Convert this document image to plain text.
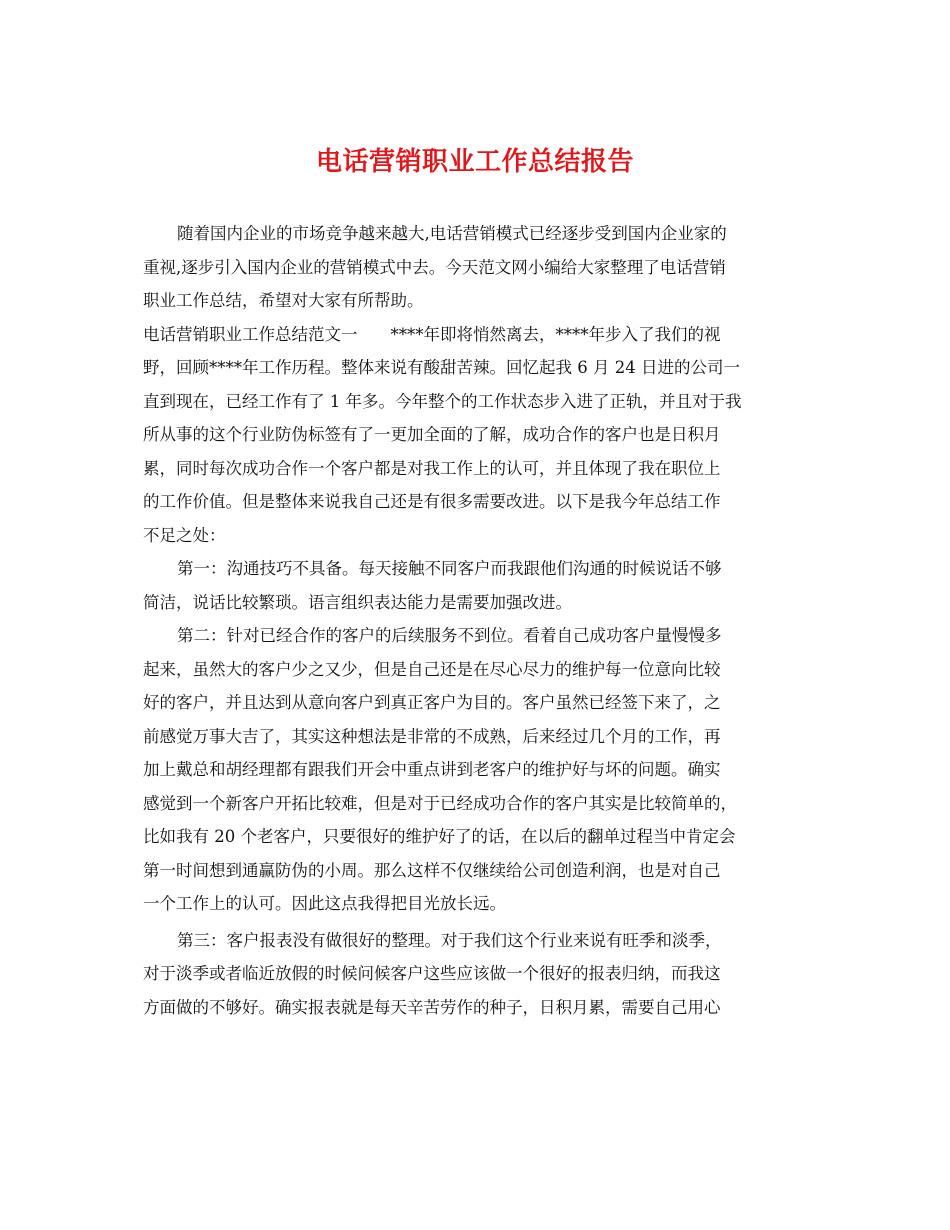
电话营销职业工作总结报告
随着国内企业的市场竞争越来越大,电话营销模式已经逐步受到国内企业家的
重视,逐步引入国内企业的营销模式中去。今天范文网小编给大家整理了电话营销
职业工作总结，希望对大家有所帮助。
电话营销职业工作总结范文一　　****年即将悄然离去，****年步入了我们的视
野，回顾****年工作历程。整体来说有酸甜苦辣。回忆起我 6 月 24 日进的公司一
直到现在，已经工作有了 1 年多。今年整个的工作状态步入进了正轨，并且对于我
所从事的这个行业防伪标签有了一更加全面的了解，成功合作的客户也是日积月
累，同时每次成功合作一个客户都是对我工作上的认可，并且体现了我在职位上
的工作价值。但是整体来说我自己还是有很多需要改进。以下是我今年总结工作
不足之处：
第一：沟通技巧不具备。每天接触不同客户而我跟他们沟通的时候说话不够
简洁，说话比较繁琐。语言组织表达能力是需要加强改进。
第二：针对已经合作的客户的后续服务不到位。看着自己成功客户量慢慢多
起来，虽然大的客户少之又少，但是自己还是在尽心尽力的维护每一位意向比较
好的客户，并且达到从意向客户到真正客户为目的。客户虽然已经签下来了，之
前感觉万事大吉了，其实这种想法是非常的不成熟，后来经过几个月的工作，再
加上戴总和胡经理都有跟我们开会中重点讲到老客户的维护好与坏的问题。确实
感觉到一个新客户开拓比较难，但是对于已经成功合作的客户其实是比较简单的，
比如我有 20 个老客户，只要很好的维护好了的话，在以后的翻单过程当中肯定会
第一时间想到通赢防伪的小周。那么这样不仅继续给公司创造利润，也是对自己
一个工作上的认可。因此这点我得把目光放长远。
第三：客户报表没有做很好的整理。对于我们这个行业来说有旺季和淡季，
对于淡季或者临近放假的时候问候客户这些应该做一个很好的报表归纳，而我这
方面做的不够好。确实报表就是每天辛苦劳作的种子，日积月累，需要自己用心
